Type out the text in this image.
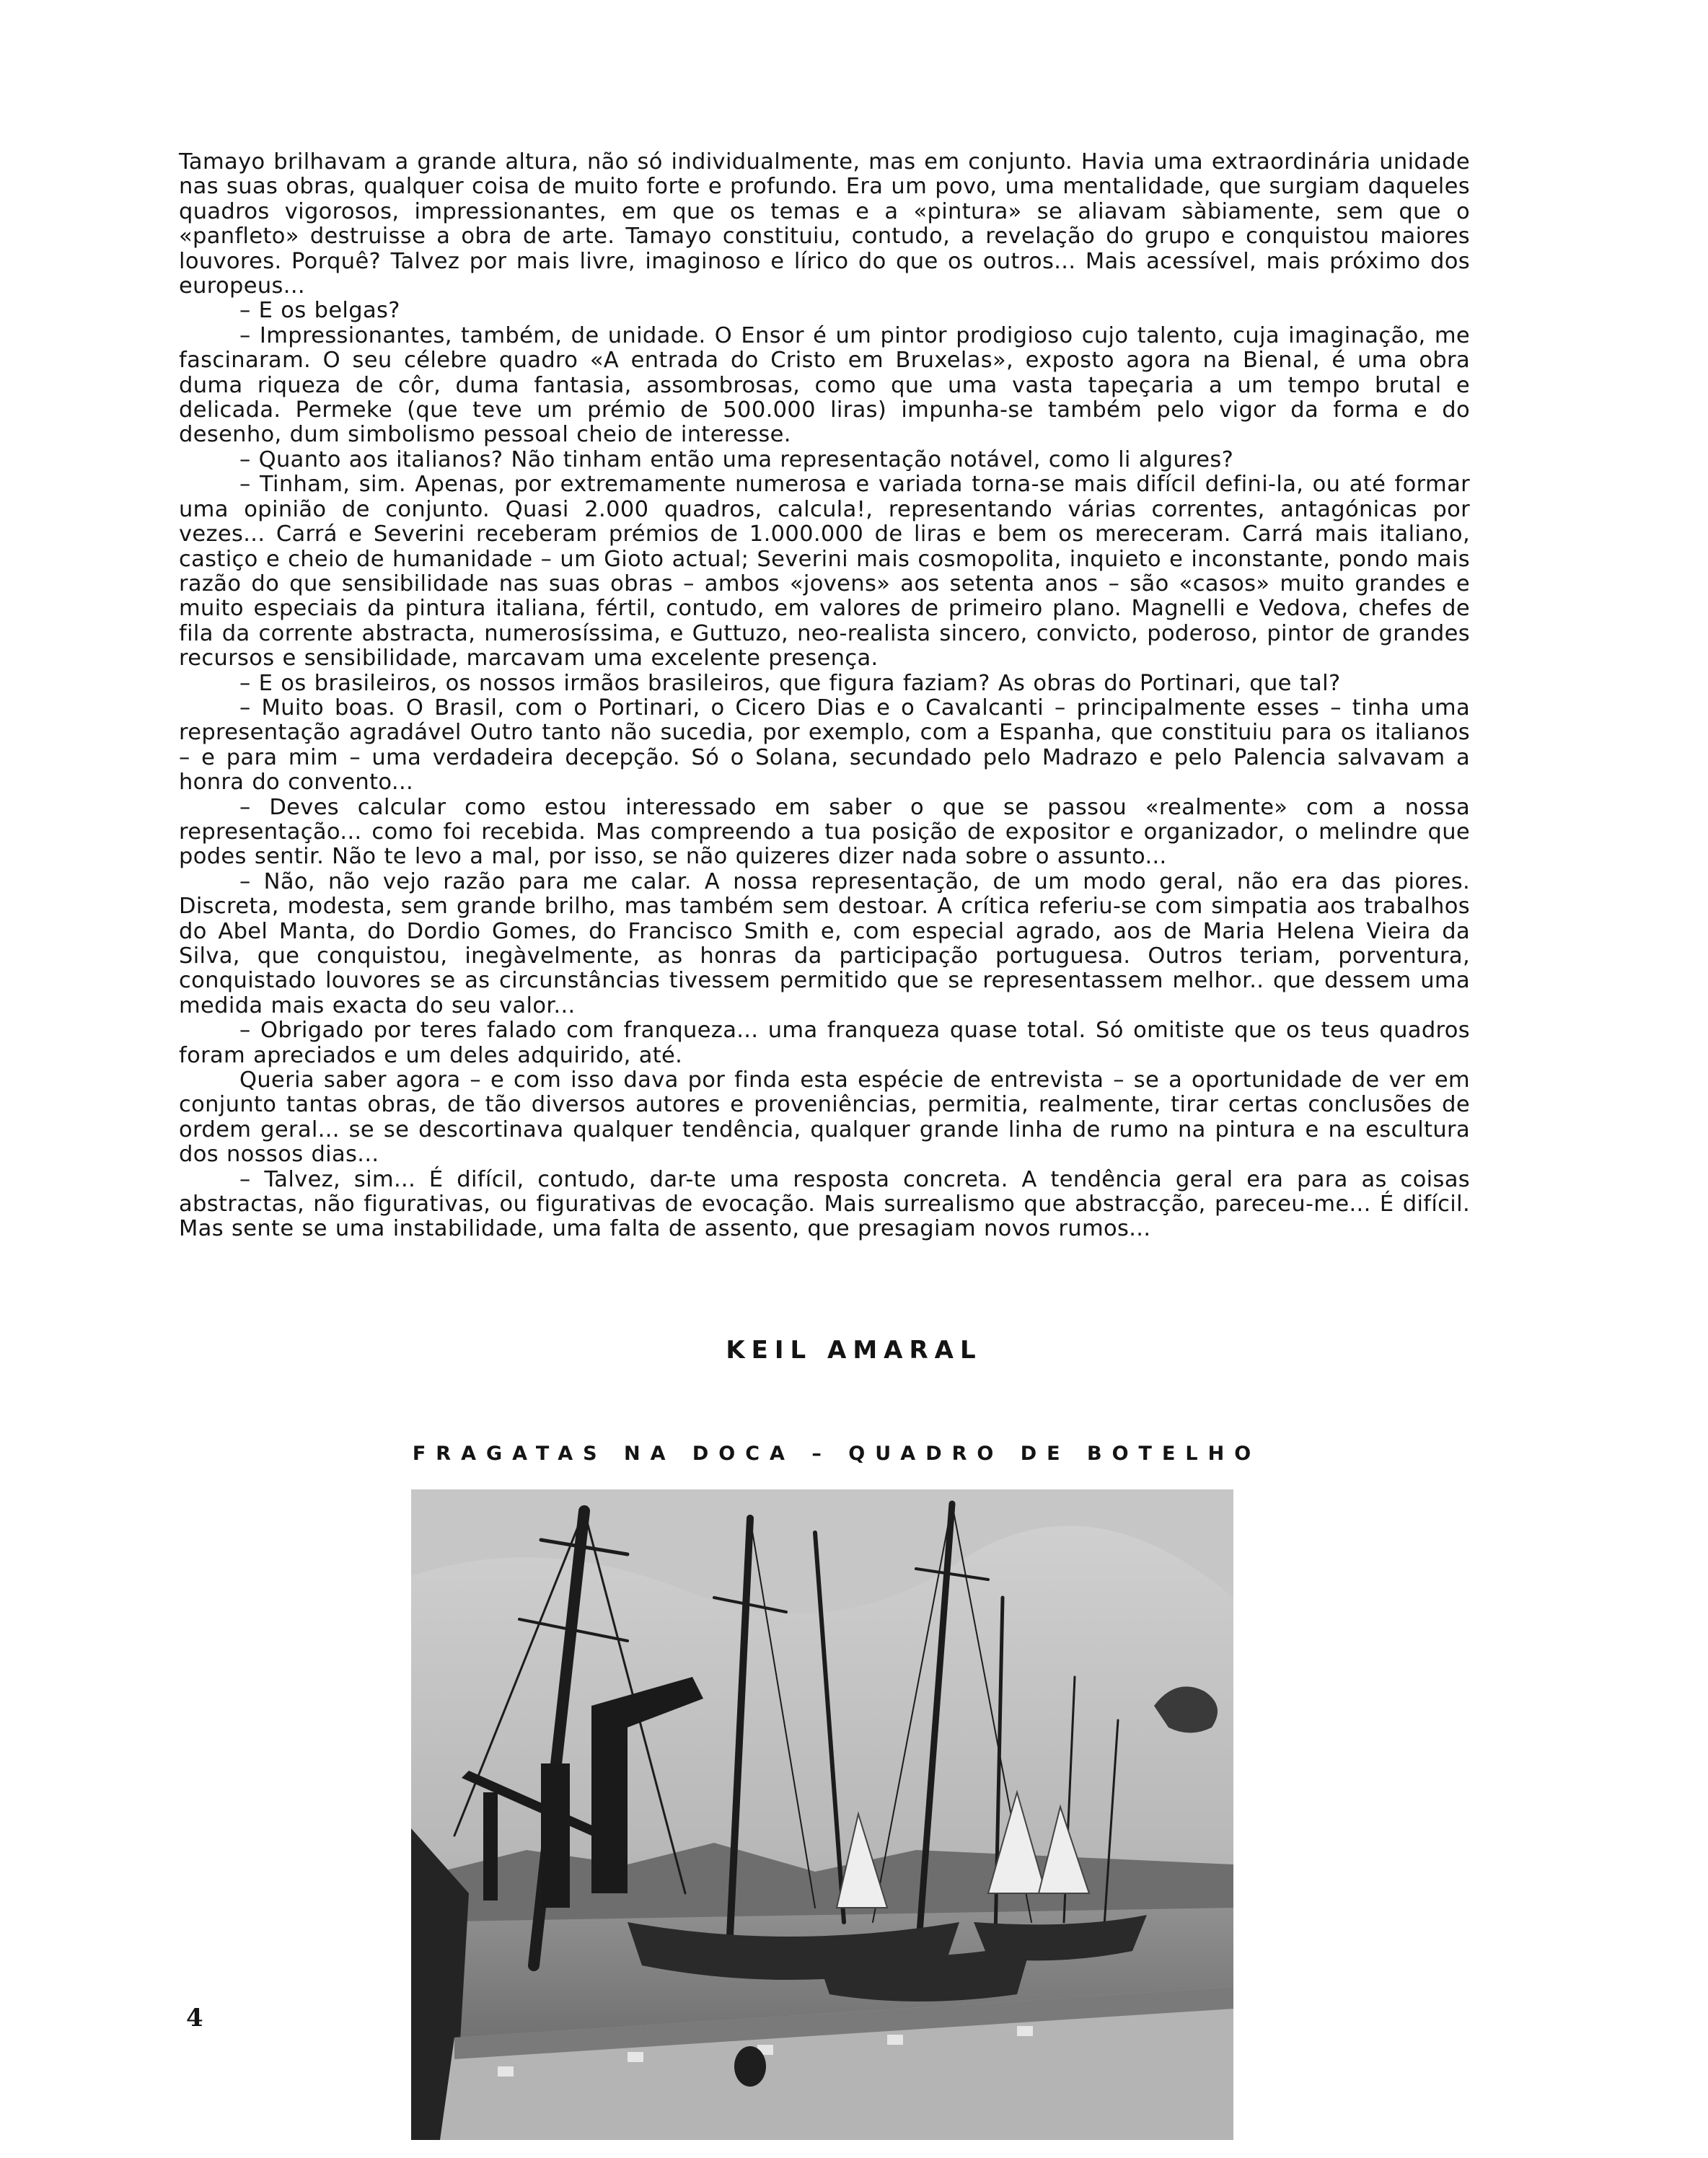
Tamayo brilhavam a grande altura, não só individualmente, mas em conjunto. Havia uma extraordinária unidade nas suas obras, qualquer coisa de muito forte e profundo. Era um povo, uma mentalidade, que surgiam daqueles quadros vigorosos, impressionantes, em que os temas e a «pintura» se aliavam sàbiamente, sem que o «panfleto» destruisse a obra de arte. Tamayo constituiu, contudo, a revelação do grupo e conquistou maiores louvores. Porquê? Talvez por mais livre, imaginoso e lírico do que os outros... Mais acessível, mais próximo dos europeus...

– E os belgas?

– Impressionantes, também, de unidade. O Ensor é um pintor prodigioso cujo talento, cuja imaginação, me fascinaram. O seu célebre quadro «A entrada do Cristo em Bruxelas», exposto agora na Bienal, é uma obra duma riqueza de côr, duma fantasia, assombrosas, como que uma vasta tapeçaria a um tempo brutal e delicada. Permeke (que teve um prémio de 500.000 liras) impunha-se também pelo vigor da forma e do desenho, dum simbolismo pessoal cheio de interesse.

– Quanto aos italianos? Não tinham então uma representação notável, como li algures?

– Tinham, sim. Apenas, por extremamente numerosa e variada torna-se mais difícil defini-la, ou até formar uma opinião de conjunto. Quasi 2.000 quadros, calcula!, representando várias correntes, antagónicas por vezes... Carrá e Severini receberam prémios de 1.000.000 de liras e bem os mereceram. Carrá mais italiano, castiço e cheio de humanidade – um Gioto actual; Severini mais cosmopolita, inquieto e inconstante, pondo mais razão do que sensibilidade nas suas obras – ambos «jovens» aos setenta anos – são «casos» muito grandes e muito especiais da pintura italiana, fértil, contudo, em valores de primeiro plano. Magnelli e Vedova, chefes de fila da corrente abstracta, numerosíssima, e Guttuzo, neo-realista sincero, convicto, poderoso, pintor de grandes recursos e sensibilidade, marcavam uma excelente presença.

– E os brasileiros, os nossos irmãos brasileiros, que figura faziam? As obras do Portinari, que tal?

– Muito boas. O Brasil, com o Portinari, o Cicero Dias e o Cavalcanti – principalmente esses – tinha uma representação agradável Outro tanto não sucedia, por exemplo, com a Espanha, que constituiu para os italianos – e para mim – uma verdadeira decepção. Só o Solana, secundado pelo Madrazo e pelo Palencia salvavam a honra do convento...

– Deves calcular como estou interessado em saber o que se passou «realmente» com a nossa representação... como foi recebida. Mas compreendo a tua posição de expositor e organizador, o melindre que podes sentir. Não te levo a mal, por isso, se não quizeres dizer nada sobre o assunto...

– Não, não vejo razão para me calar. A nossa representação, de um modo geral, não era das piores. Discreta, modesta, sem grande brilho, mas também sem destoar. A crítica referiu-se com simpatia aos trabalhos do Abel Manta, do Dordio Gomes, do Francisco Smith e, com especial agrado, aos de Maria Helena Vieira da Silva, que conquistou, inegàvelmente, as honras da participação portuguesa. Outros teriam, porventura, conquistado louvores se as circunstâncias tivessem permitido que se representassem melhor.. que dessem uma medida mais exacta do seu valor...

– Obrigado por teres falado com franqueza... uma franqueza quase total. Só omitiste que os teus quadros foram apreciados e um deles adquirido, até.

Queria saber agora – e com isso dava por finda esta espécie de entrevista – se a oportunidade de ver em conjunto tantas obras, de tão diversos autores e proveniências, permitia, realmente, tirar certas conclusões de ordem geral... se se descortinava qualquer tendência, qualquer grande linha de rumo na pintura e na escultura dos nossos dias...

– Talvez, sim... É difícil, contudo, dar-te uma resposta concreta. A tendência geral era para as coisas abstractas, não figurativas, ou figurativas de evocação. Mais surrealismo que abstracção, pareceu-me... É difícil. Mas sente se uma instabilidade, uma falta de assento, que presagiam novos rumos...

KEIL AMARAL
FRAGATAS NA DOCA – QUADRO DE BOTELHO
4
